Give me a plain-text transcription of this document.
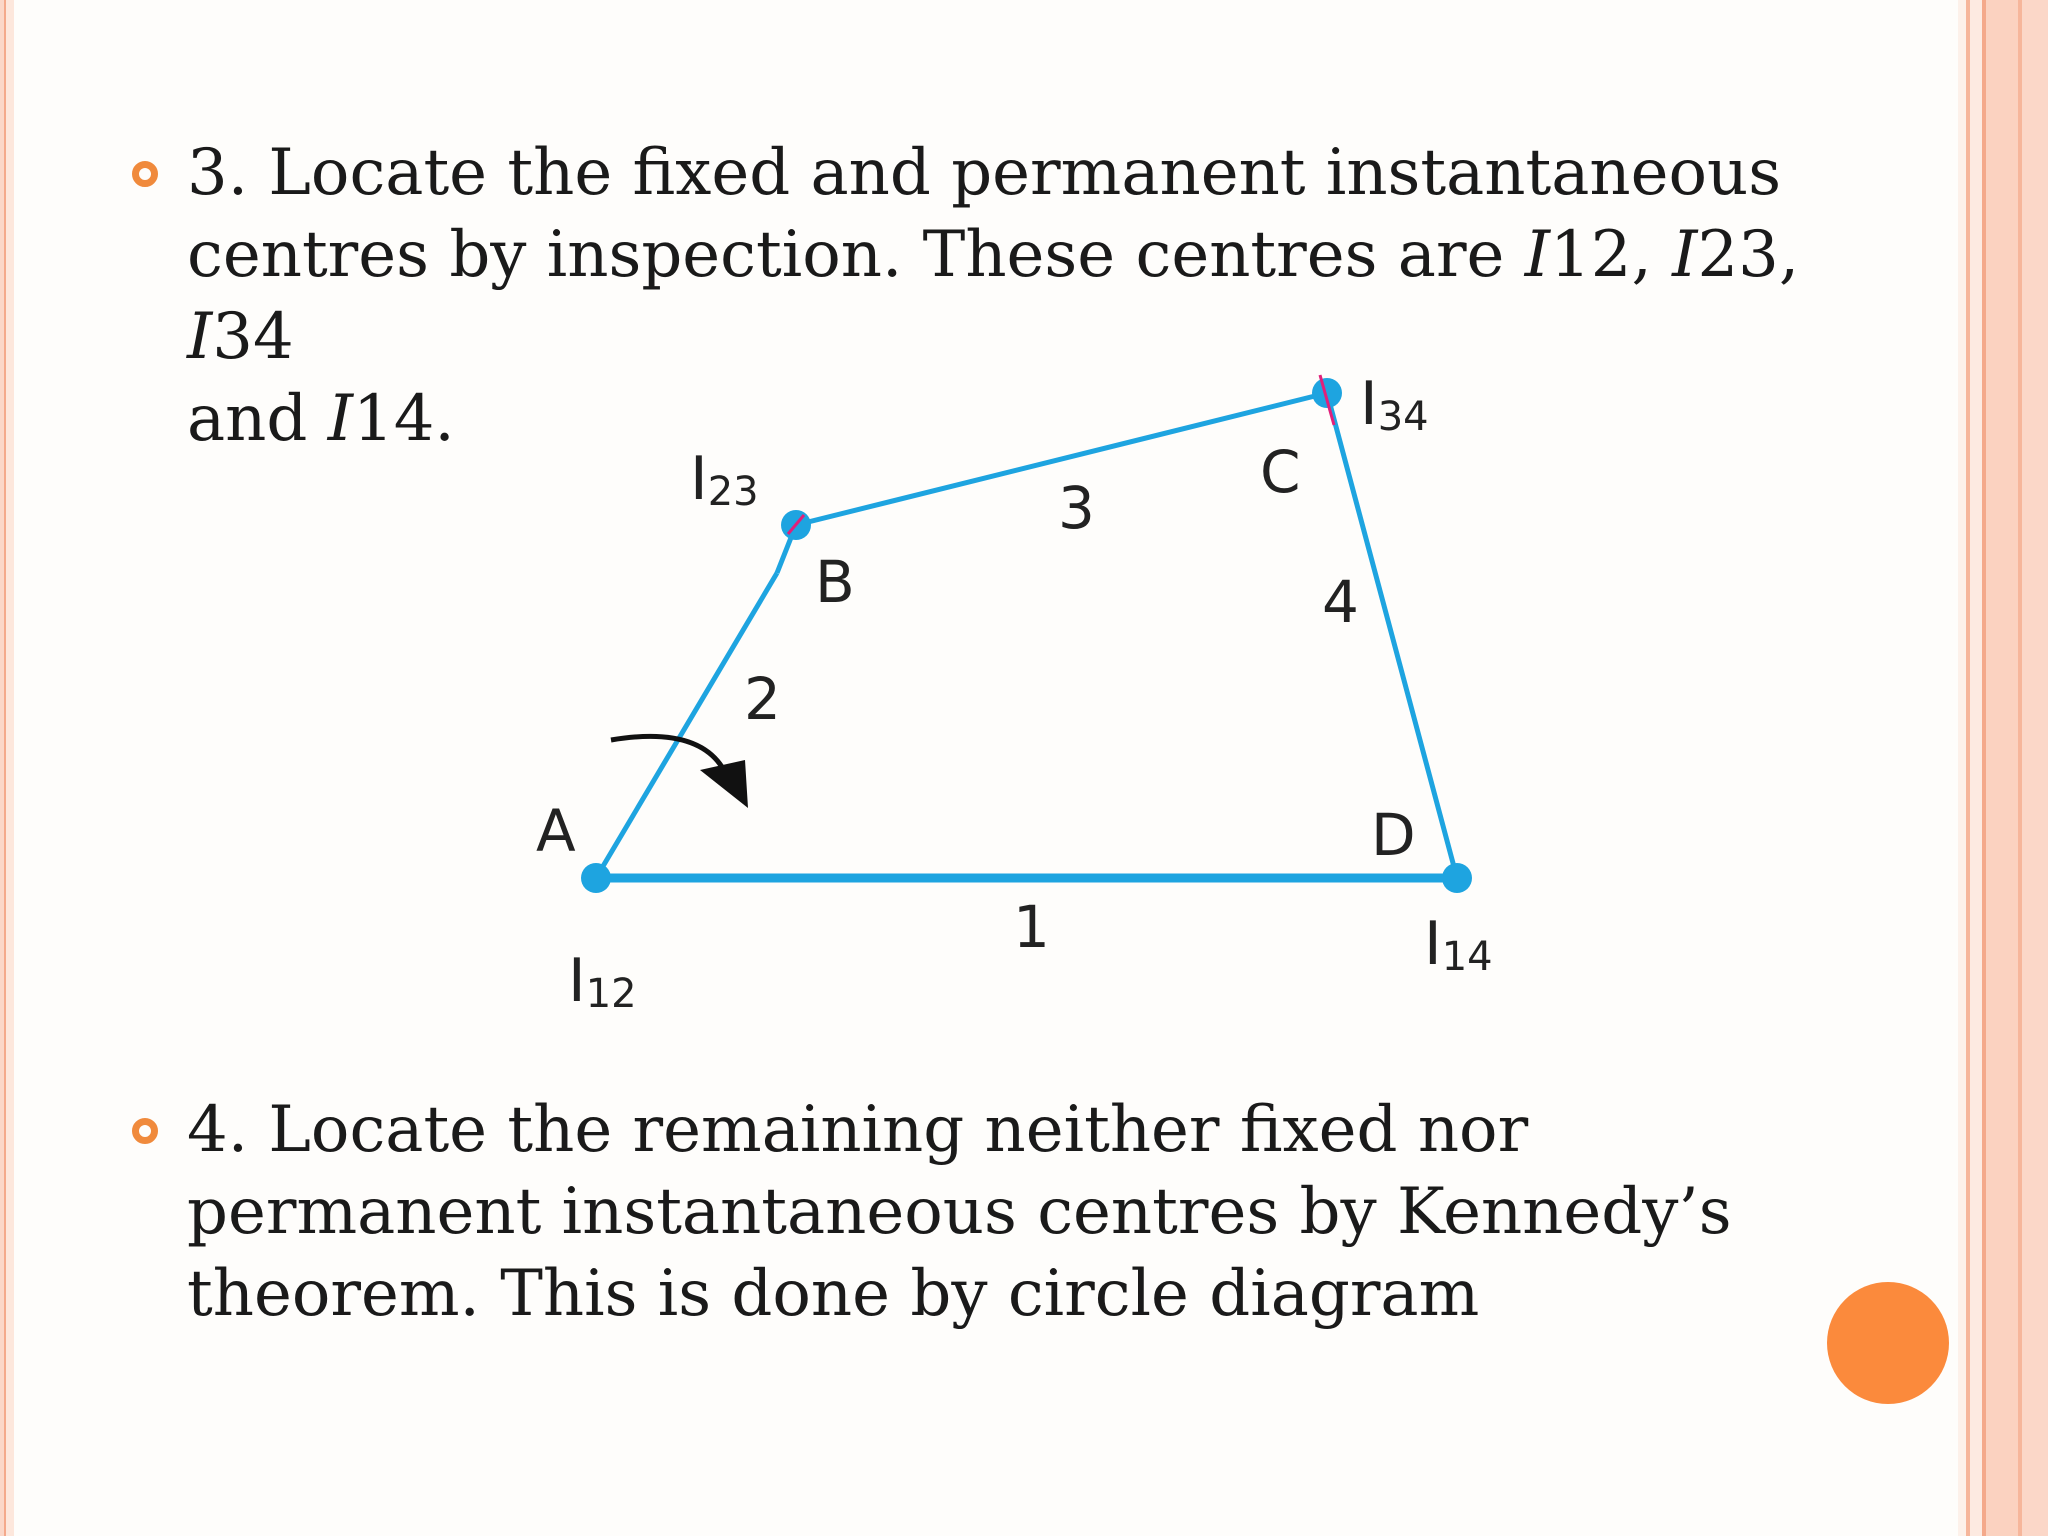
3. Locate the fixed and permanent instantaneous centres by inspection. These centres are I12, I23, I34
and I14.
A
B
C
D
1
2
3
4
I12
I23
I34
I14
4. Locate the remaining neither fixed nor permanent instantaneous centres by Kennedy’s theorem. This is done by circle diagram
